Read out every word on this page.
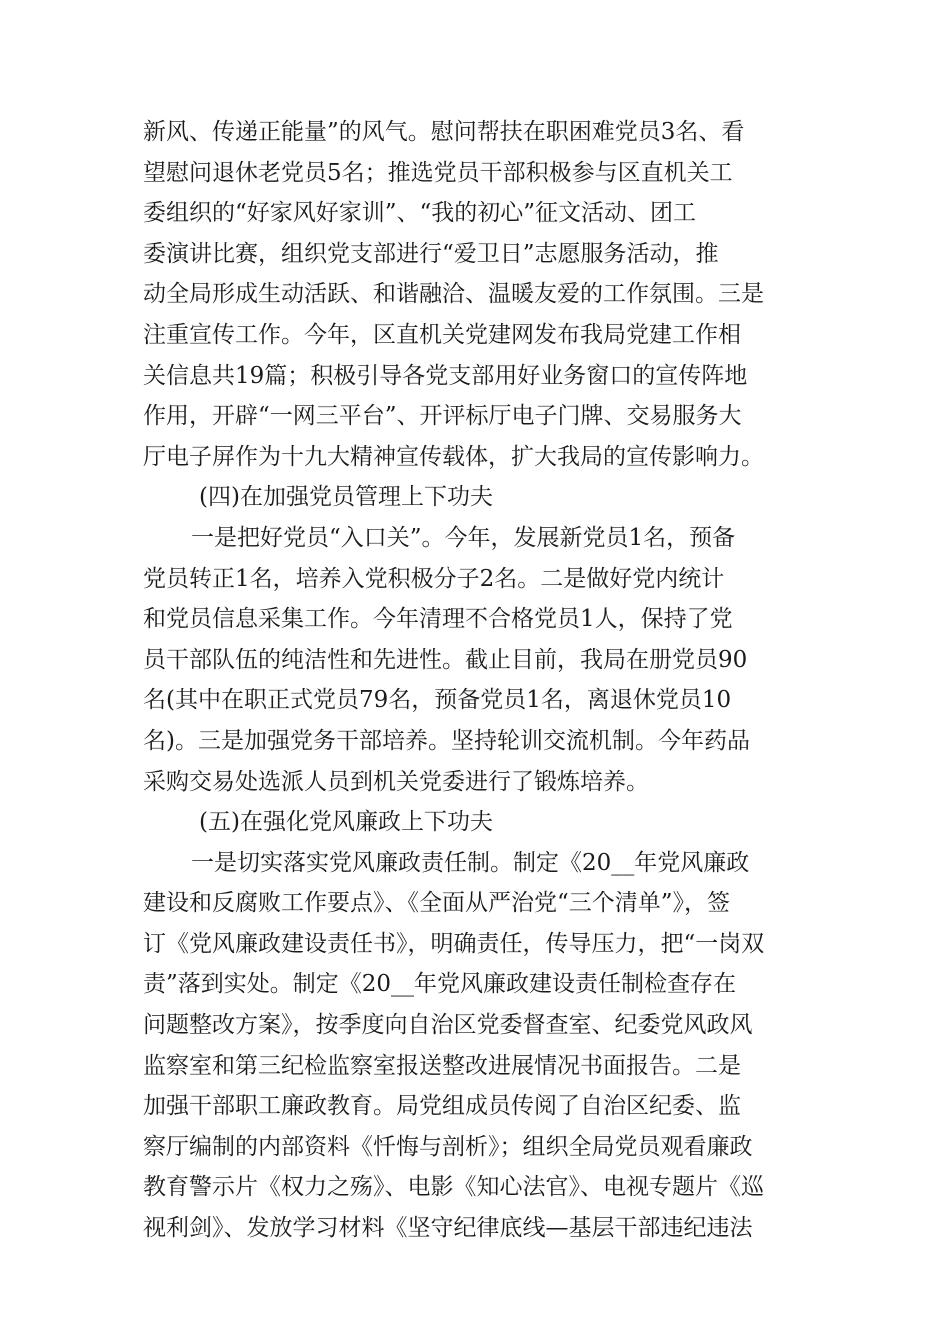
新风、传递正能量”的风气。慰问帮扶在职困难党员3名、看
望慰问退休老党员5名；推选党员干部积极参与区直机关工
委组织的“好家风好家训”、“我的初心”征文活动、团工
委演讲比赛，组织党支部进行“爱卫日”志愿服务活动，推
动全局形成生动活跃、和谐融洽、温暖友爱的工作氛围。三是
注重宣传工作。今年，区直机关党建网发布我局党建工作相
关信息共19篇；积极引导各党支部用好业务窗口的宣传阵地
作用，开辟“一网三平台”、开评标厅电子门牌、交易服务大
厅电子屏作为十九大精神宣传载体，扩大我局的宣传影响力。
(四)在加强党员管理上下功夫
一是把好党员“入口关”。今年，发展新党员1名，预备
党员转正1名，培养入党积极分子2名。二是做好党内统计
和党员信息采集工作。今年清理不合格党员1人，保持了党
员干部队伍的纯洁性和先进性。截止目前，我局在册党员90
名(其中在职正式党员79名，预备党员1名，离退休党员10
名)。三是加强党务干部培养。坚持轮训交流机制。今年药品
采购交易处选派人员到机关党委进行了锻炼培养。
(五)在强化党风廉政上下功夫
一是切实落实党风廉政责任制。制定《20__年党风廉政
建设和反腐败工作要点》、《全面从严治党“三个清单”》，签
订《党风廉政建设责任书》，明确责任，传导压力，把“一岗双
责”落到实处。制定《20__年党风廉政建设责任制检查存在
问题整改方案》，按季度向自治区党委督查室、纪委党风政风
监察室和第三纪检监察室报送整改进展情况书面报告。二是
加强干部职工廉政教育。局党组成员传阅了自治区纪委、监
察厅编制的内部资料《忏悔与剖析》；组织全局党员观看廉政
教育警示片《权力之殇》、电影《知心法官》、电视专题片《巡
视利剑》、发放学习材料《坚守纪律底线—基层干部违纪违法
